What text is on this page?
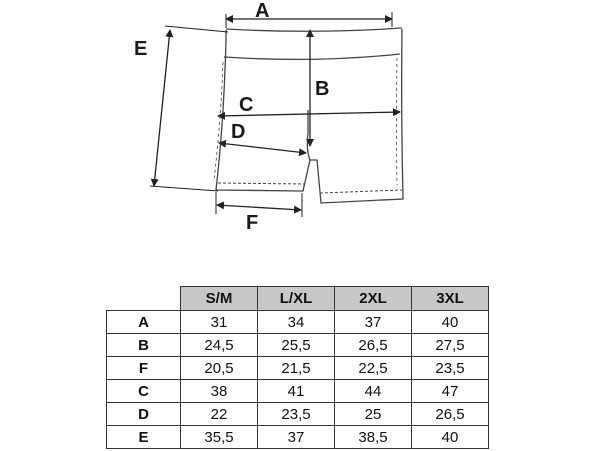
A
B
C
D
E
F
	S/M	L/XL	2XL	3XL
A	31	34	37	40
B	24,5	25,5	26,5	27,5
F	20,5	21,5	22,5	23,5
C	38	41	44	47
D	22	23,5	25	26,5
E	35,5	37	38,5	40
